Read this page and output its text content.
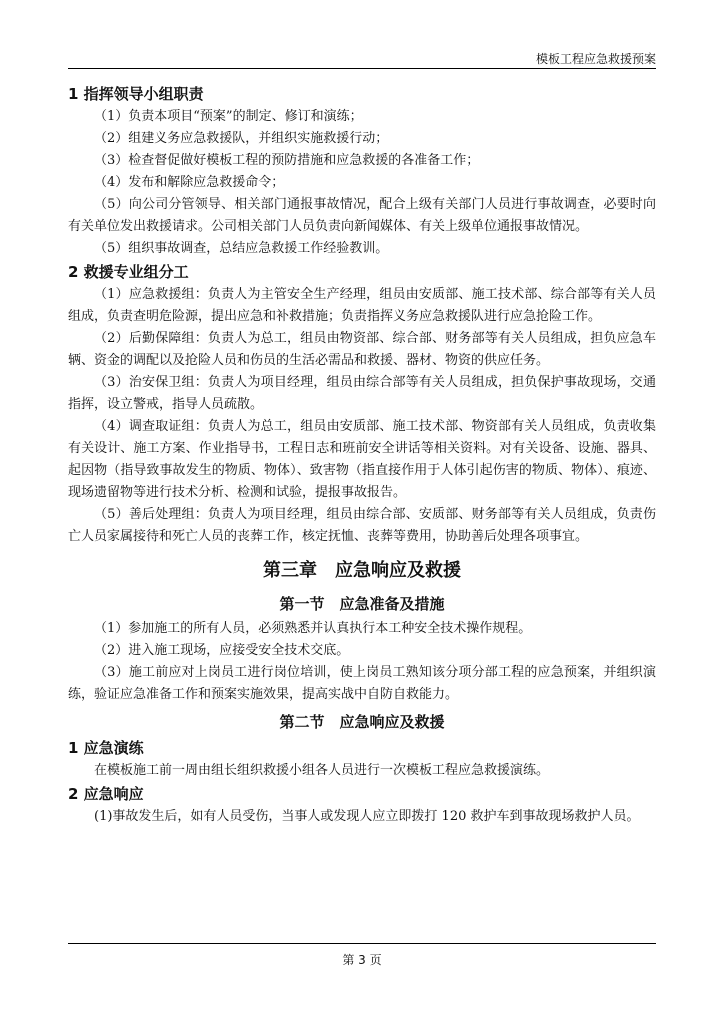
模板工程应急救援预案
1 指挥领导小组职责

（1）负责本项目“预案”的制定、修订和演练；

（2）组建义务应急救援队，并组织实施救援行动；

（3）检查督促做好模板工程的预防措施和应急救援的各准备工作；

（4）发布和解除应急救援命令；

（5）向公司分管领导、相关部门通报事故情况，配合上级有关部门人员进行事故调查，必要时向有关单位发出救援请求。公司相关部门人员负责向新闻媒体、有关上级单位通报事故情况。

（5）组织事故调查，总结应急救援工作经验教训。

2 救援专业组分工

（1）应急救援组：负责人为主管安全生产经理，组员由安质部、施工技术部、综合部等有关人员组成，负责查明危险源，提出应急和补救措施；负责指挥义务应急救援队进行应急抢险工作。

（2）后勤保障组：负责人为总工，组员由物资部、综合部、财务部等有关人员组成，担负应急车辆、资金的调配以及抢险人员和伤员的生活必需品和救援、器材、物资的供应任务。

（3）治安保卫组：负责人为项目经理，组员由综合部等有关人员组成，担负保护事故现场，交通指挥，设立警戒，指导人员疏散。

（4）调查取证组：负责人为总工，组员由安质部、施工技术部、物资部有关人员组成，负责收集有关设计、施工方案、作业指导书，工程日志和班前安全讲话等相关资料。对有关设备、设施、器具、起因物（指导致事故发生的物质、物体）、致害物（指直接作用于人体引起伤害的物质、物体）、痕迹、现场遗留物等进行技术分析、检测和试验，提报事故报告。

（5）善后处理组：负责人为项目经理，组员由综合部、安质部、财务部等有关人员组成，负责伤亡人员家属接待和死亡人员的丧葬工作，核定抚恤、丧葬等费用，协助善后处理各项事宜。

第三章　应急响应及救援
第一节　应急准备及措施

（1）参加施工的所有人员，必须熟悉并认真执行本工种安全技术操作规程。

（2）进入施工现场，应接受安全技术交底。

（3）施工前应对上岗员工进行岗位培训，使上岗员工熟知该分项分部工程的应急预案，并组织演练，验证应急准备工作和预案实施效果，提高实战中自防自救能力。

第二节　应急响应及救援
1 应急演练

在模板施工前一周由组长组织救援小组各人员进行一次模板工程应急救援演练。

2 应急响应

(1)事故发生后，如有人员受伤，当事人或发现人应立即拨打 120 救护车到事故现场救护人员。

第 3 页
